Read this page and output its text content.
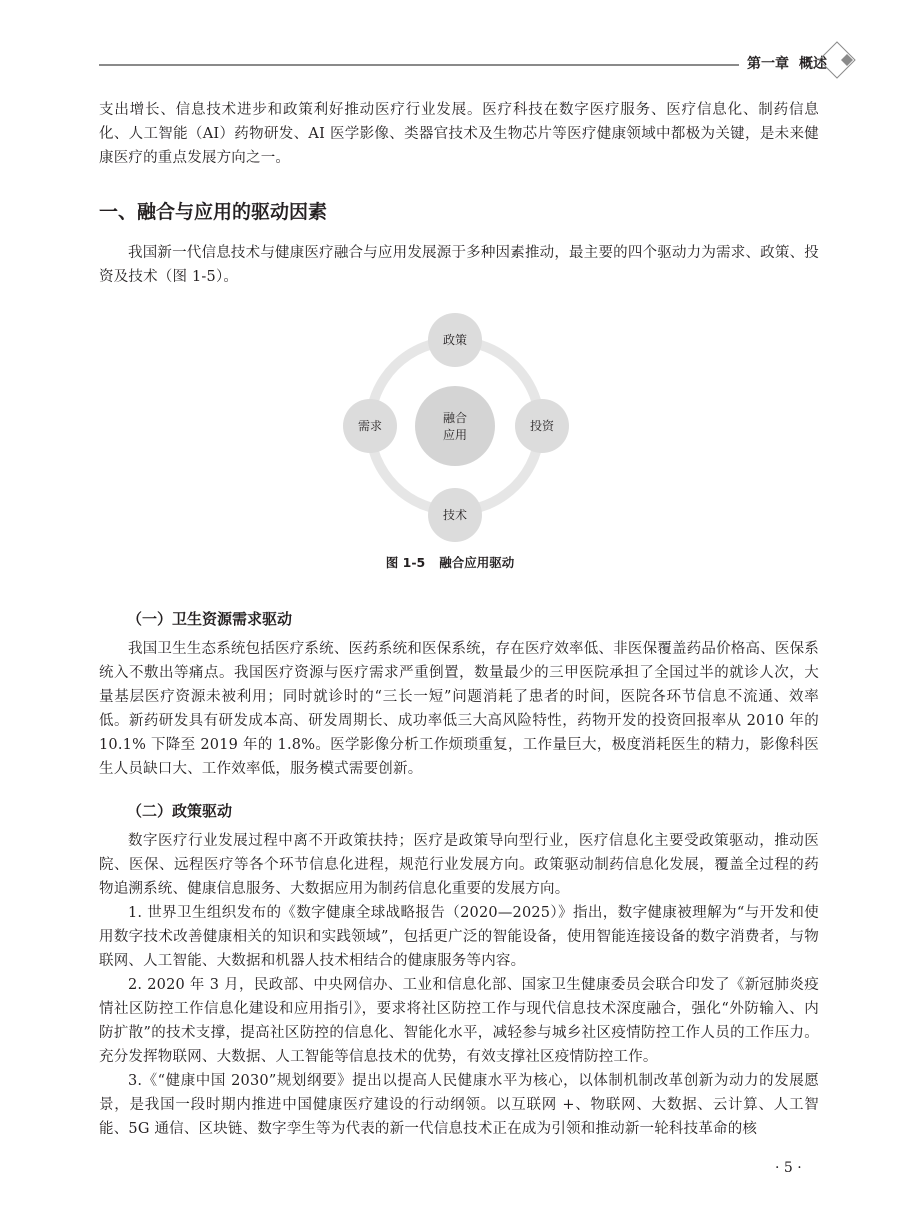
第一章 概述
支出增长、信息技术进步和政策利好推动医疗行业发展。医疗科技在数字医疗服务、医疗信息化、制药信息化、人工智能（AI）药物研发、AI 医学影像、类器官技术及生物芯片等医疗健康领域中都极为关键，是未来健康医疗的重点发展方向之一。
一、融合与应用的驱动因素
我国新一代信息技术与健康医疗融合与应用发展源于多种因素推动，最主要的四个驱动力为需求、政策、投资及技术（图 1-5）。
融合
应用
政策
需求	投资
技术
图 1-5 融合应用驱动
（一）卫生资源需求驱动
我国卫生生态系统包括医疗系统、医药系统和医保系统，存在医疗效率低、非医保覆盖药品价格高、医保系统入不敷出等痛点。我国医疗资源与医疗需求严重倒置，数量最少的三甲医院承担了全国过半的就诊人次，大量基层医疗资源未被利用；同时就诊时的“三长一短”问题消耗了患者的时间，医院各环节信息不流通、效率低。新药研发具有研发成本高、研发周期长、成功率低三大高风险特性，药物开发的投资回报率从 2010 年的 10.1% 下降至 2019 年的 1.8%。医学影像分析工作烦琐重复，工作量巨大，极度消耗医生的精力，影像科医生人员缺口大、工作效率低，服务模式需要创新。
（二）政策驱动
数字医疗行业发展过程中离不开政策扶持；医疗是政策导向型行业，医疗信息化主要受政策驱动，推动医院、医保、远程医疗等各个环节信息化进程，规范行业发展方向。政策驱动制药信息化发展，覆盖全过程的药物追溯系统、健康信息服务、大数据应用为制药信息化重要的发展方向。
1. 世界卫生组织发布的《数字健康全球战略报告（2020—2025）》指出，数字健康被理解为“与开发和使用数字技术改善健康相关的知识和实践领域”，包括更广泛的智能设备，使用智能连接设备的数字消费者，与物联网、人工智能、大数据和机器人技术相结合的健康服务等内容。
2. 2020 年 3 月，民政部、中央网信办、工业和信息化部、国家卫生健康委员会联合印发了《新冠肺炎疫情社区防控工作信息化建设和应用指引》，要求将社区防控工作与现代信息技术深度融合，强化“外防输入、内防扩散”的技术支撑，提高社区防控的信息化、智能化水平，减轻参与城乡社区疫情防控工作人员的工作压力。充分发挥物联网、大数据、人工智能等信息技术的优势，有效支撑社区疫情防控工作。
3.《“健康中国 2030”规划纲要》提出以提高人民健康水平为核心，以体制机制改革创新为动力的发展愿景，是我国一段时期内推进中国健康医疗建设的行动纲领。以互联网 +、物联网、大数据、云计算、人工智能、5G 通信、区块链、数字孪生等为代表的新一代信息技术正在成为引领和推动新一轮科技革命的核
· 5 ·
